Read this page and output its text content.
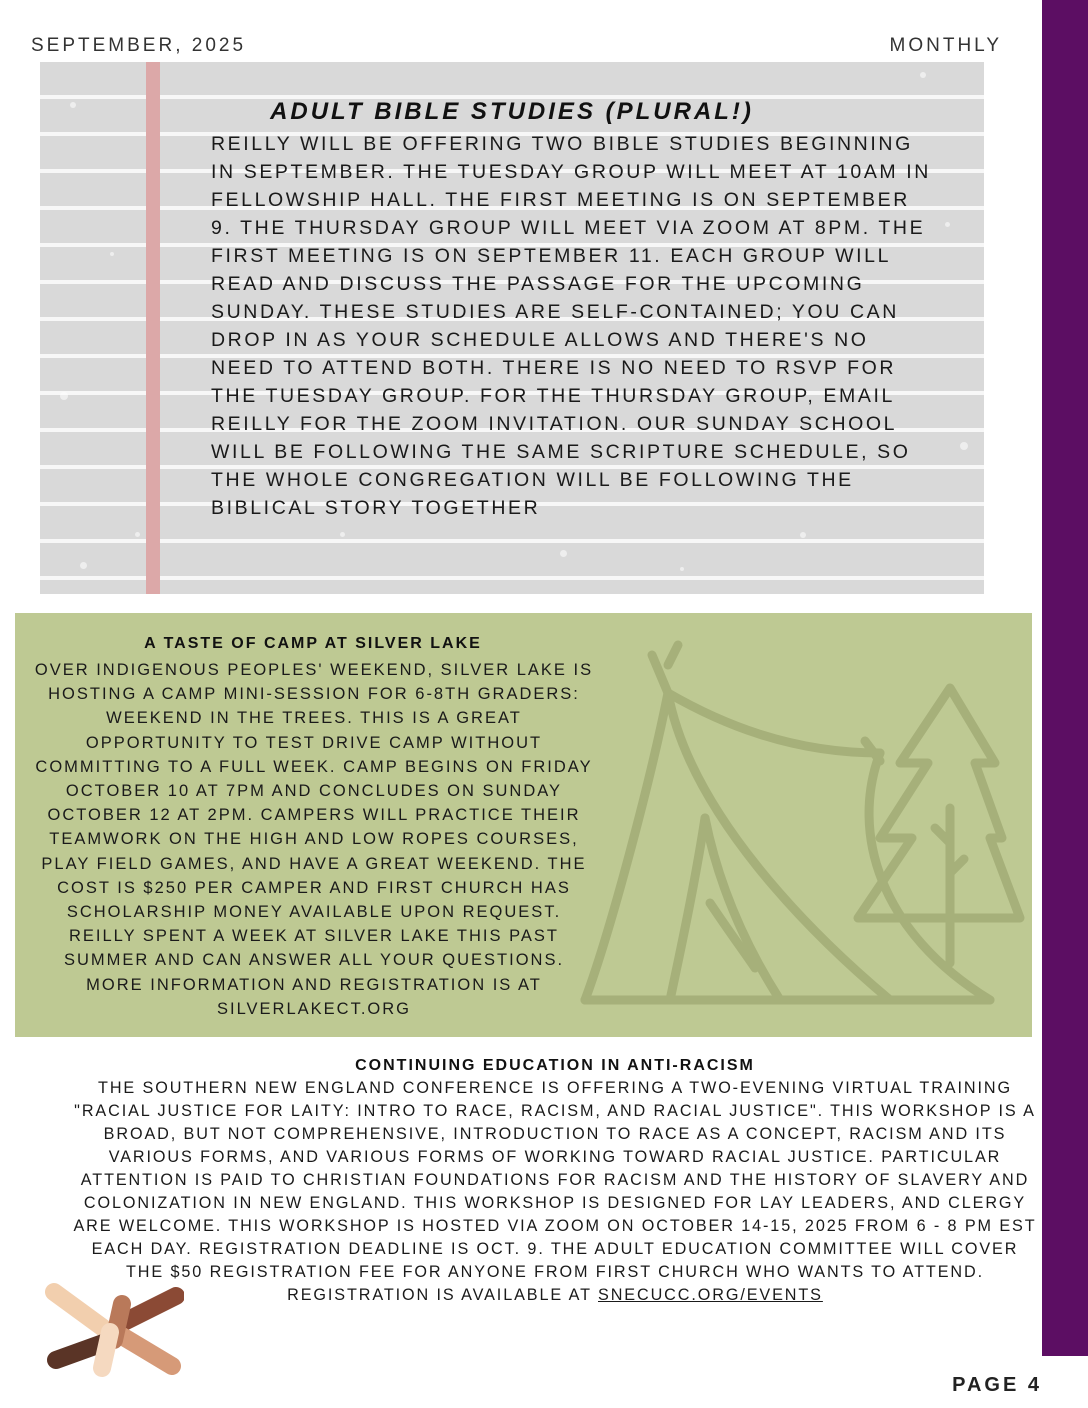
SEPTEMBER, 2025	MONTHLY
ADULT BIBLE STUDIES (PLURAL!)
REILLY WILL BE OFFERING TWO BIBLE STUDIES BEGINNING IN SEPTEMBER. THE TUESDAY GROUP WILL MEET AT 10AM IN FELLOWSHIP HALL. THE FIRST MEETING IS ON SEPTEMBER 9. THE THURSDAY GROUP WILL MEET VIA ZOOM AT 8PM. THE FIRST MEETING IS ON SEPTEMBER 11. EACH GROUP WILL READ AND DISCUSS THE PASSAGE FOR THE UPCOMING SUNDAY. THESE STUDIES ARE SELF-CONTAINED; YOU CAN DROP IN AS YOUR SCHEDULE ALLOWS AND THERE'S NO NEED TO ATTEND BOTH. THERE IS NO NEED TO RSVP FOR THE TUESDAY GROUP. FOR THE THURSDAY GROUP, EMAIL REILLY FOR THE ZOOM INVITATION. OUR SUNDAY SCHOOL WILL BE FOLLOWING THE SAME SCRIPTURE SCHEDULE, SO THE WHOLE CONGREGATION WILL BE FOLLOWING THE BIBLICAL STORY TOGETHER
A TASTE OF CAMP AT SILVER LAKE
OVER INDIGENOUS PEOPLES' WEEKEND, SILVER LAKE IS HOSTING A CAMP MINI-SESSION FOR 6-8TH GRADERS: WEEKEND IN THE TREES. THIS IS A GREAT OPPORTUNITY TO TEST DRIVE CAMP WITHOUT COMMITTING TO A FULL WEEK. CAMP BEGINS ON FRIDAY OCTOBER 10 AT 7PM AND CONCLUDES ON SUNDAY OCTOBER 12 AT 2PM. CAMPERS WILL PRACTICE THEIR TEAMWORK ON THE HIGH AND LOW ROPES COURSES, PLAY FIELD GAMES, AND HAVE A GREAT WEEKEND. THE COST IS $250 PER CAMPER AND FIRST CHURCH HAS SCHOLARSHIP MONEY AVAILABLE UPON REQUEST. REILLY SPENT A WEEK AT SILVER LAKE THIS PAST SUMMER AND CAN ANSWER ALL YOUR QUESTIONS. MORE INFORMATION AND REGISTRATION IS AT SILVERLAKECT.ORG
CONTINUING EDUCATION IN ANTI-RACISM
THE SOUTHERN NEW ENGLAND CONFERENCE IS OFFERING A TWO-EVENING VIRTUAL TRAINING "RACIAL JUSTICE FOR LAITY: INTRO TO RACE, RACISM, AND RACIAL JUSTICE". THIS WORKSHOP IS A BROAD, BUT NOT COMPREHENSIVE, INTRODUCTION TO RACE AS A CONCEPT, RACISM AND ITS VARIOUS FORMS, AND VARIOUS FORMS OF WORKING TOWARD RACIAL JUSTICE. PARTICULAR ATTENTION IS PAID TO CHRISTIAN FOUNDATIONS FOR RACISM AND THE HISTORY OF SLAVERY AND COLONIZATION IN NEW ENGLAND. THIS WORKSHOP IS DESIGNED FOR LAY LEADERS, AND CLERGY ARE WELCOME. THIS WORKSHOP IS HOSTED VIA ZOOM ON OCTOBER 14-15, 2025 FROM 6 - 8 PM EST EACH DAY. REGISTRATION DEADLINE IS OCT. 9. THE ADULT EDUCATION COMMITTEE WILL COVER THE $50 REGISTRATION FEE FOR ANYONE FROM FIRST CHURCH WHO WANTS TO ATTEND. REGISTRATION IS AVAILABLE AT SNECUCC.ORG/EVENTS
PAGE 4
